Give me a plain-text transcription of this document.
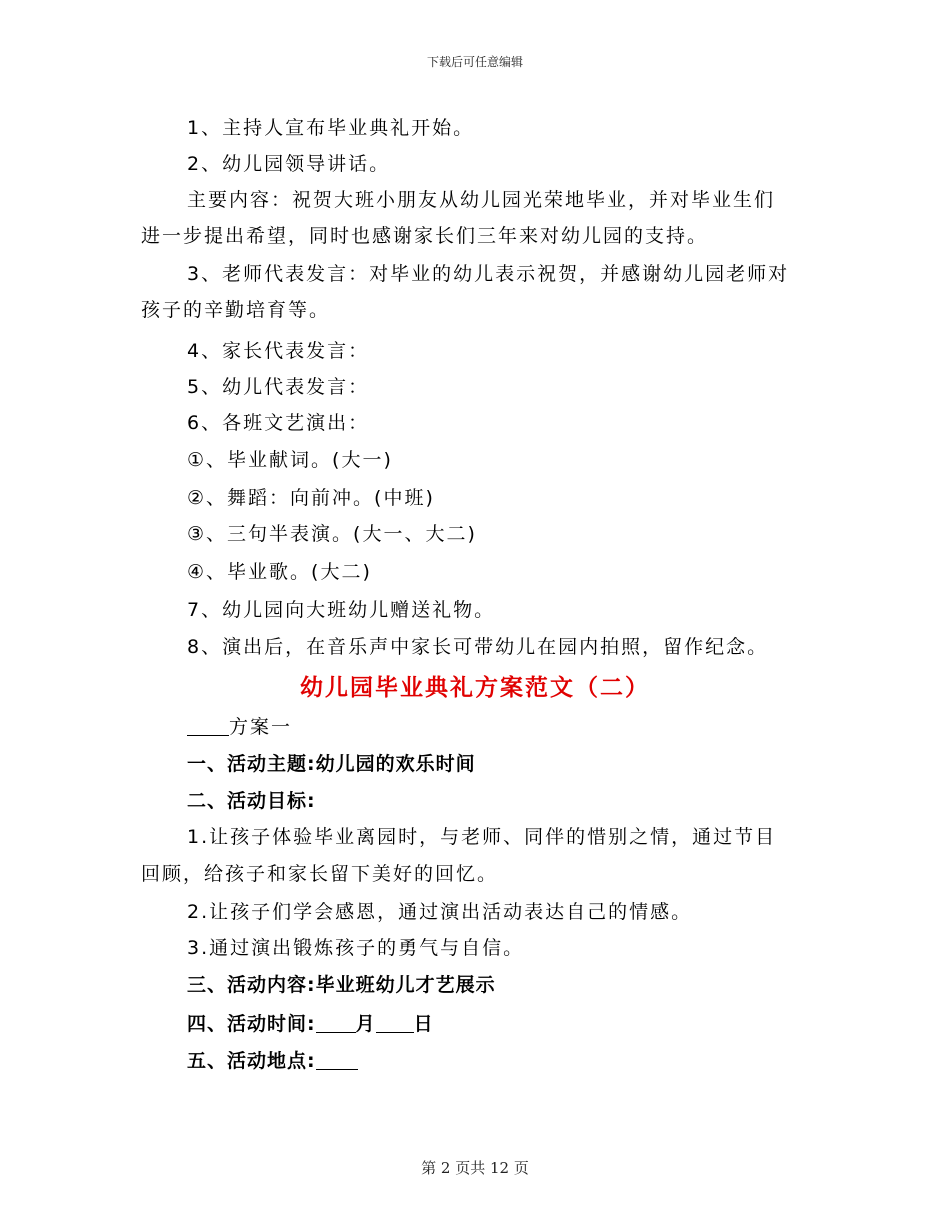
下载后可任意编辑
1、主持人宣布毕业典礼开始。
2、幼儿园领导讲话。
主要内容：祝贺大班小朋友从幼儿园光荣地毕业，并对毕业生们
进一步提出希望，同时也感谢家长们三年来对幼儿园的支持。
3、老师代表发言：对毕业的幼儿表示祝贺，并感谢幼儿园老师对
孩子的辛勤培育等。
4、家长代表发言：
5、幼儿代表发言：
6、各班文艺演出：
①、毕业献词。(大一)
②、舞蹈：向前冲。(中班)
③、三句半表演。(大一、大二)
④、毕业歌。(大二)
7、幼儿园向大班幼儿赠送礼物。
8、演出后，在音乐声中家长可带幼儿在园内拍照，留作纪念。
幼儿园毕业典礼方案范文（二）
方案一
一、活动主题:幼儿园的欢乐时间
二、活动目标:
1.让孩子体验毕业离园时，与老师、同伴的惜别之情，通过节目
回顾，给孩子和家长留下美好的回忆。
2.让孩子们学会感恩，通过演出活动表达自己的情感。
3.通过演出锻炼孩子的勇气与自信。
三、活动内容:毕业班幼儿才艺展示
四、活动时间: 月 日
五、活动地点:
第 2 页共 12 页
